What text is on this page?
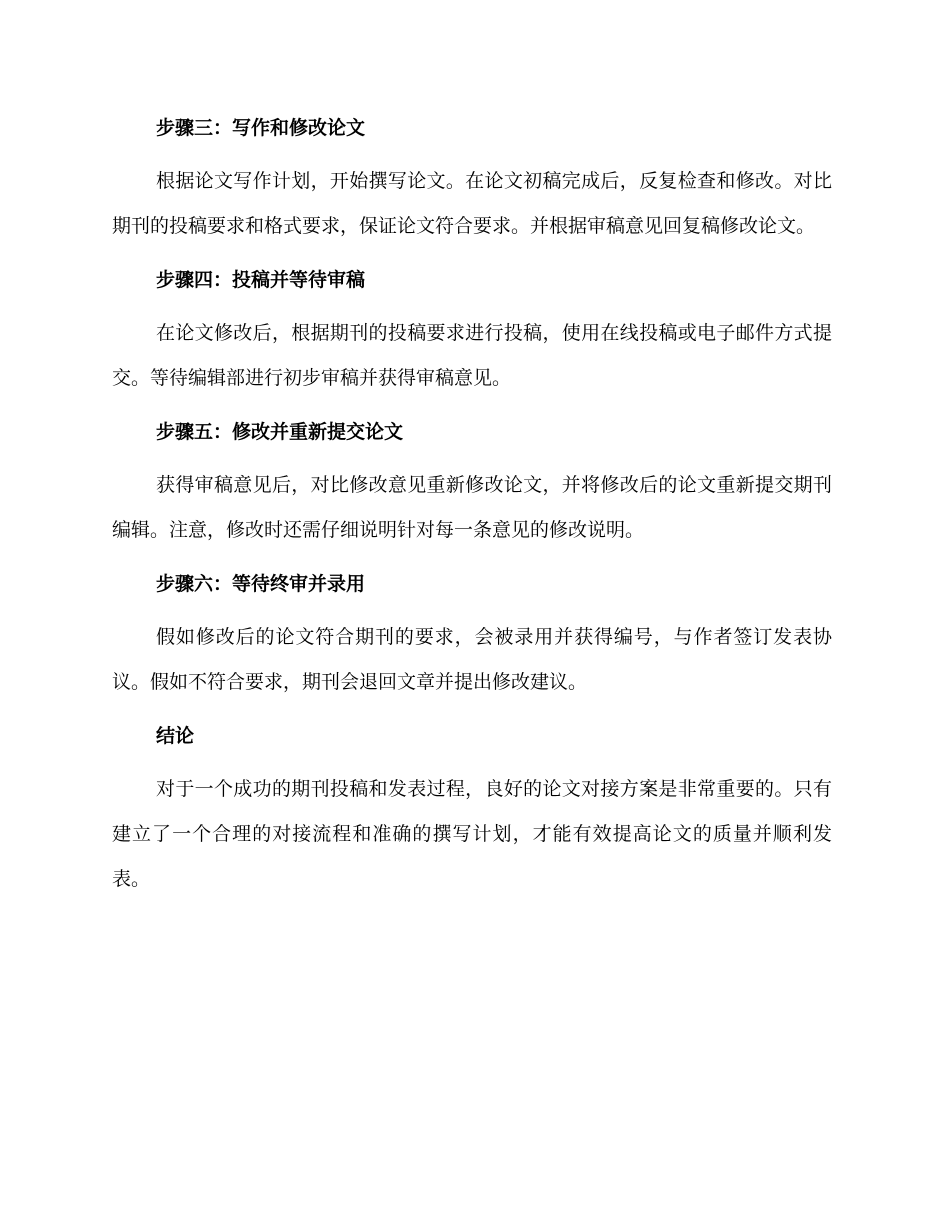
步骤三：写作和修改论文

根据论文写作计划，开始撰写论文。在论文初稿完成后，反复检查和修改。对比期刊的投稿要求和格式要求，保证论文符合要求。并根据审稿意见回复稿修改论文。

步骤四：投稿并等待审稿

在论文修改后，根据期刊的投稿要求进行投稿，使用在线投稿或电子邮件方式提交。等待编辑部进行初步审稿并获得审稿意见。

步骤五：修改并重新提交论文

获得审稿意见后，对比修改意见重新修改论文，并将修改后的论文重新提交期刊编辑。注意，修改时还需仔细说明针对每一条意见的修改说明。

步骤六：等待终审并录用

假如修改后的论文符合期刊的要求，会被录用并获得编号，与作者签订发表协议。假如不符合要求，期刊会退回文章并提出修改建议。

结论

对于一个成功的期刊投稿和发表过程，良好的论文对接方案是非常重要的。只有建立了一个合理的对接流程和准确的撰写计划，才能有效提高论文的质量并顺利发表。
